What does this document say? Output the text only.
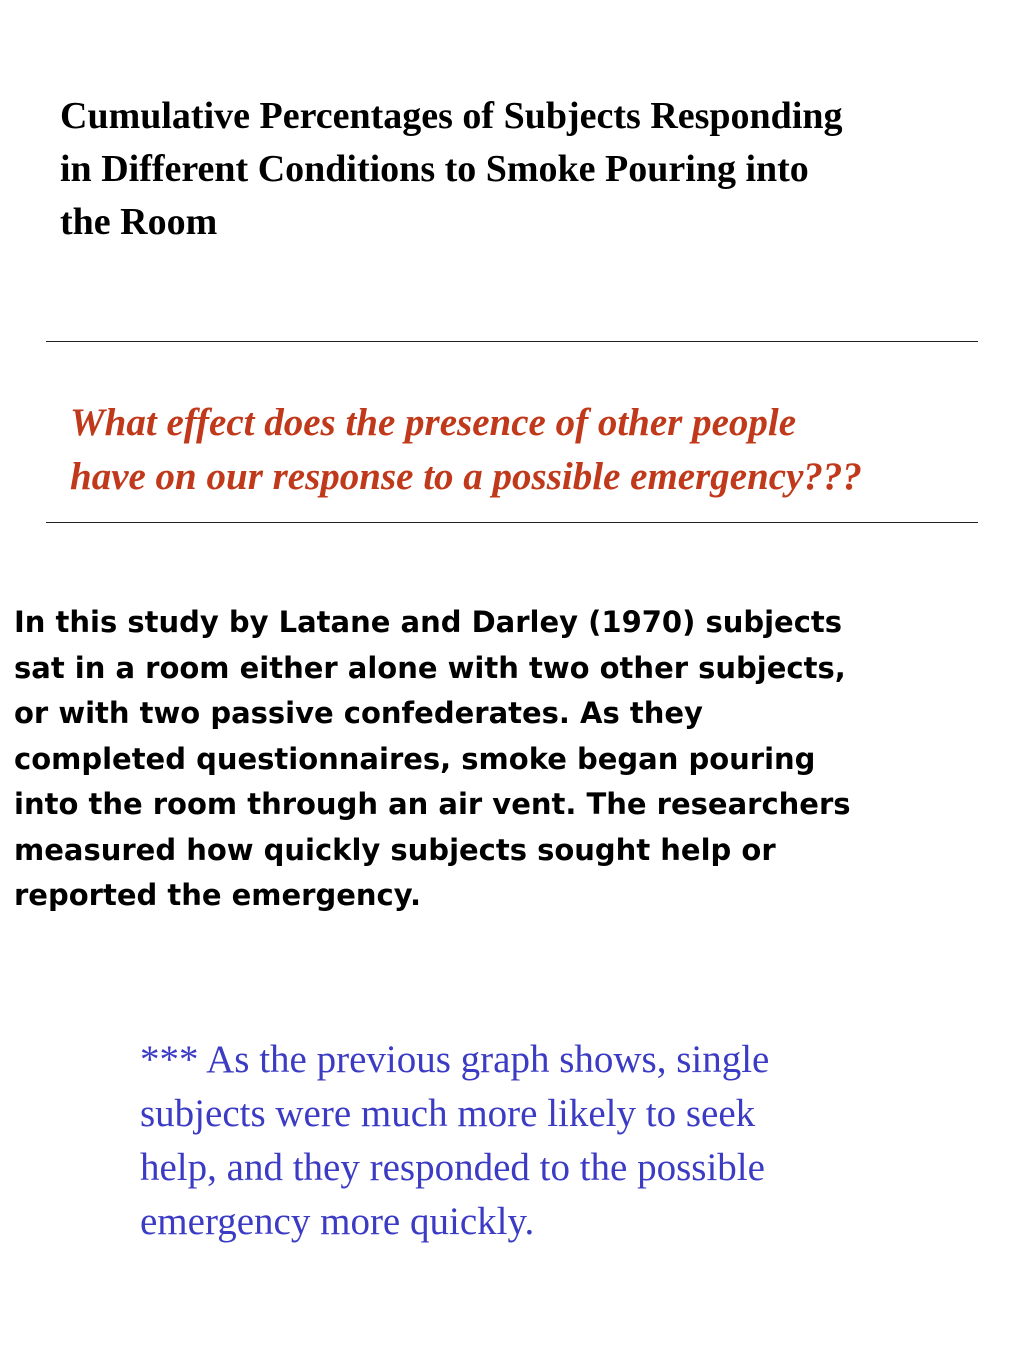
Cumulative Percentages of Subjects Responding
in Different Conditions to Smoke Pouring into
the Room

What effect does the presence of other people
have on our response to a possible emergency???

In this study by Latane and Darley (1970) subjects
sat in a room either alone with two other subjects,
or with two passive confederates. As they
completed questionnaires, smoke began pouring
into the room through an air vent. The researchers
measured how quickly subjects sought help or
reported the emergency.

*** As the previous graph shows, single
subjects were much more likely to seek
help, and they responded to the possible
emergency more quickly.
